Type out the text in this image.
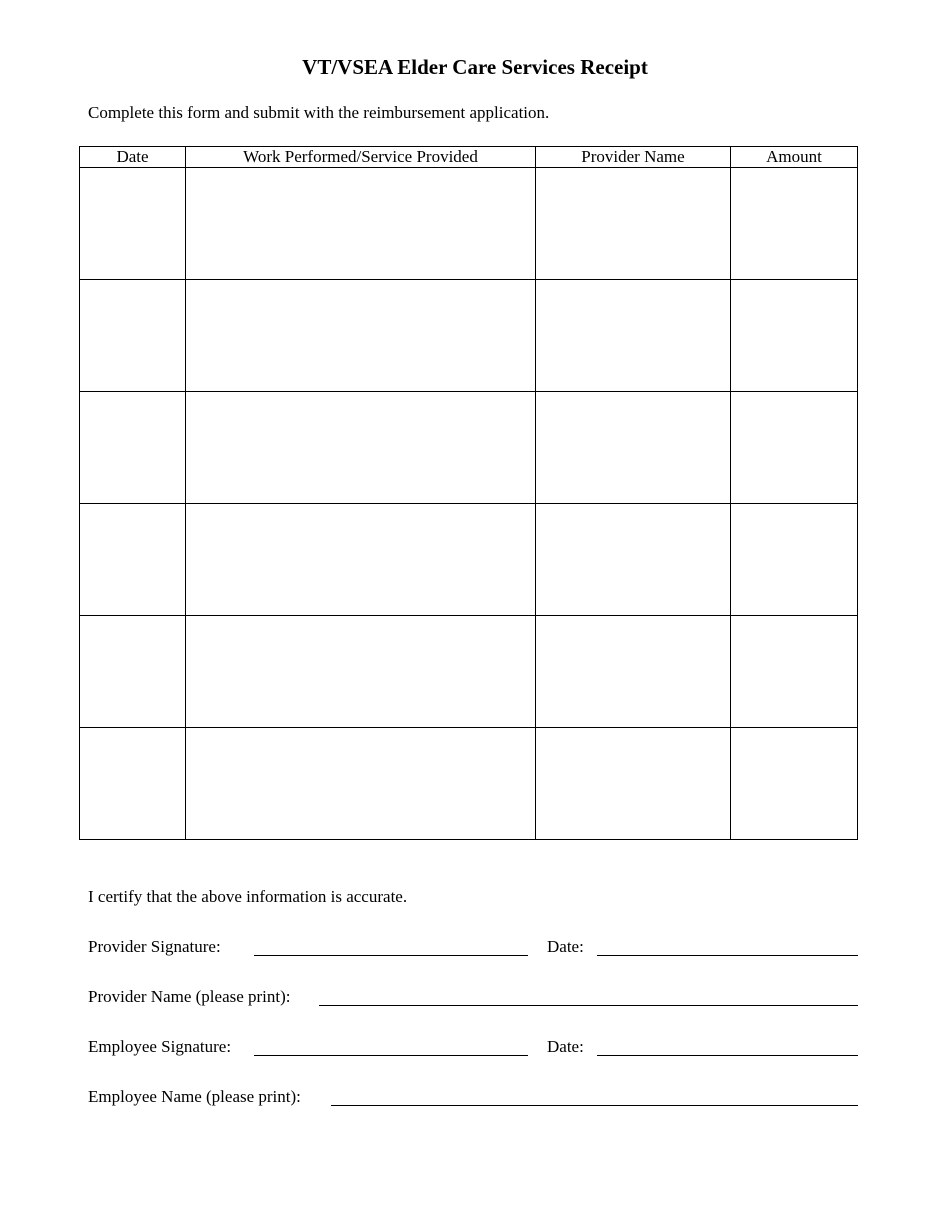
VT/VSEA Elder Care Services Receipt
Complete this form and submit with the reimbursement application.
Date	Work Performed/Service Provided	Provider Name	Amount

I certify that the above information is accurate.
Provider Signature:	Date:
Provider Name (please print):
Employee Signature:	Date:
Employee Name (please print):
